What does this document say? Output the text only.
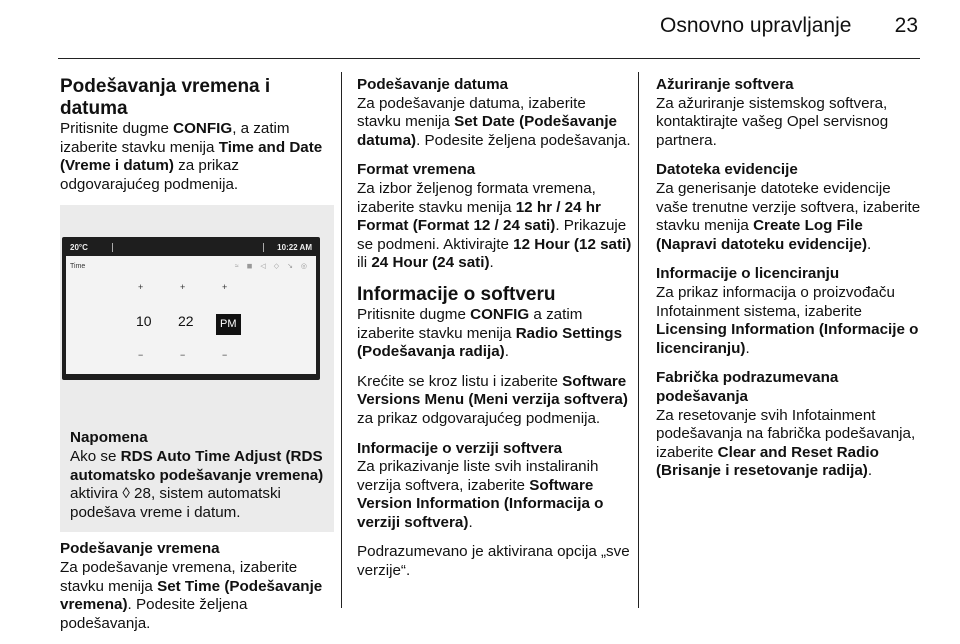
Osnovno upravljanje 23
Podešavanja vremena i datuma

Pritisnite dugme CONFIG, a zatim izaberite stavku menija Time and Date (Vreme i datum) za prikaz odgovarajućeg podmenija.

20°C	10:22 AM
Time	≈ ◼ ◁ ◇ ↘ ◎
+	+	+
10 22	PM
−	−	−
Napomena
Ako se RDS Auto Time Adjust (RDS automatsko podešavanje vremena) aktivira ◊ 28, sistem automatski podešava vreme i datum.
Podešavanje vremena

Za podešavanje vremena, izaberite stavku menija Set Time (Podešavanje vremena). Podesite željena podešavanja.

Podešavanje datuma

Za podešavanje datuma, izaberite stavku menija Set Date (Podešavanje datuma). Podesite željena podešavanja.

Format vremena

Za izbor željenog formata vremena, izaberite stavku menija 12 hr / 24 hr Format (Format 12 / 24 sati). Prikazuje se podmeni. Aktivirajte 12 Hour (12 sati) ili 24 Hour (24 sati).

Informacije o softveru

Pritisnite dugme CONFIG a zatim izaberite stavku menija Radio Settings (Podešavanja radija).

Krećite se kroz listu i izaberite Software Versions Menu (Meni verzija softvera) za prikaz odgovarajućeg podmenija.

Informacije o verziji softvera

Za prikazivanje liste svih instaliranih verzija softvera, izaberite Software Version Information (Informacija o verziji softvera).

Podrazumevano je aktivirana opcija „sve verzije“.

Ažuriranje softvera

Za ažuriranje sistemskog softvera, kontaktirajte vašeg Opel servisnog partnera.

Datoteka evidencije

Za generisanje datoteke evidencije vaše trenutne verzije softvera, izaberite stavku menija Create Log File (Napravi datoteku evidencije).

Informacije o licenciranju

Za prikaz informacija o proizvođaču Infotainment sistema, izaberite Licensing Information (Informacije o licenciranju).

Fabrička podrazumevana podešavanja

Za resetovanje svih Infotainment podešavanja na fabrička podešavanja, izaberite Clear and Reset Radio (Brisanje i resetovanje radija).
